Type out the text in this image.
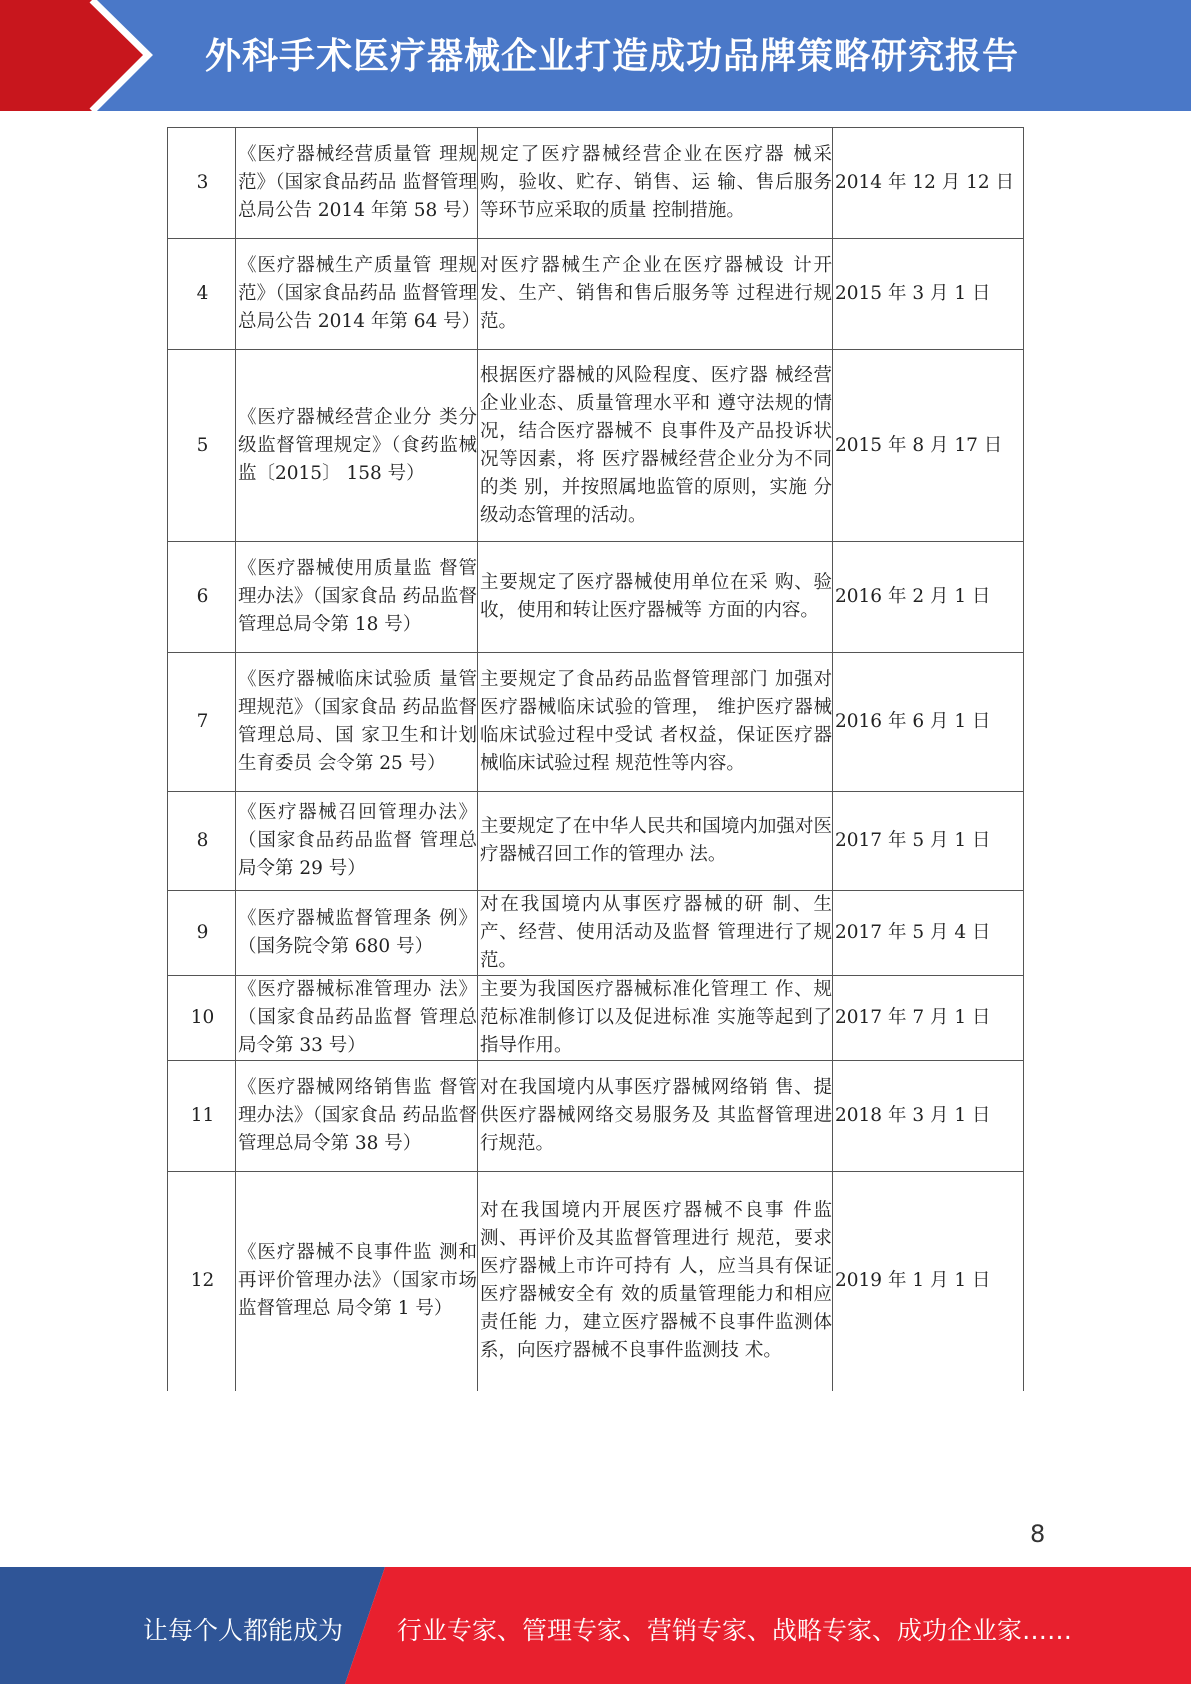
外科手术医疗器械企业打造成功品牌策略研究报告
3	《医疗器械经营质量管 理规范》（国家食品药品 监督管理总局公告 2014 年第 58 号）	规定了医疗器械经营企业在医疗器 械采购，验收、贮存、销售、运 输、售后服务等环节应采取的质量 控制措施。	2014 年 12 月 12 日
4	《医疗器械生产质量管 理规范》（国家食品药品 监督管理总局公告 2014 年第 64 号）	对医疗器械生产企业在医疗器械设 计开发、生产、销售和售后服务等 过程进行规范。	2015 年 3 月 1 日
5	《医疗器械经营企业分 类分级监督管理规定》（食药监械监〔2015〕 158 号）	根据医疗器械的风险程度、医疗器 械经营企业业态、质量管理水平和 遵守法规的情况，结合医疗器械不 良事件及产品投诉状况等因素，将 医疗器械经营企业分为不同的类 别，并按照属地监管的原则，实施 分级动态管理的活动。	2015 年 8 月 17 日
6	《医疗器械使用质量监 督管理办法》（国家食品 药品监督管理总局令第 18 号）	主要规定了医疗器械使用单位在采 购、验收，使用和转让医疗器械等 方面的内容。	2016 年 2 月 1 日
7	《医疗器械临床试验质 量管理规范》（国家食品 药品监督管理总局、国 家卫生和计划生育委员 会令第 25 号）	主要规定了食品药品监督管理部门 加强对医疗器械临床试验的管理， 维护医疗器械临床试验过程中受试 者权益，保证医疗器械临床试验过程 规范性等内容。	2016 年 6 月 1 日
8	《医疗器械召回管理办法》（国家食品药品监督 管理总局令第 29 号）	主要规定了在中华人民共和国境内加强对医疗器械召回工作的管理办 法。	2017 年 5 月 1 日
9	《医疗器械监督管理条 例》（国务院令第 680 号）	对在我国境内从事医疗器械的研 制、生产、经营、使用活动及监督 管理进行了规范。	2017 年 5 月 4 日
10	《医疗器械标准管理办 法》（国家食品药品监督 管理总局令第 33 号）	主要为我国医疗器械标准化管理工 作、规范标准制修订以及促进标准 实施等起到了指导作用。	2017 年 7 月 1 日
11	《医疗器械网络销售监 督管理办法》（国家食品 药品监督管理总局令第 38 号）	对在我国境内从事医疗器械网络销 售、提供医疗器械网络交易服务及 其监督管理进行规范。	2018 年 3 月 1 日
12	《医疗器械不良事件监 测和再评价管理办法》（国家市场监督管理总 局令第 1 号）	对在我国境内开展医疗器械不良事 件监测、再评价及其监督管理进行 规范，要求医疗器械上市许可持有 人，应当具有保证医疗器械安全有 效的质量管理能力和相应责任能 力，建立医疗器械不良事件监测体 系，向医疗器械不良事件监测技 术。	2019 年 1 月 1 日
8
让每个人都能成为 行业专家、管理专家、营销专家、战略专家、成功企业家……
